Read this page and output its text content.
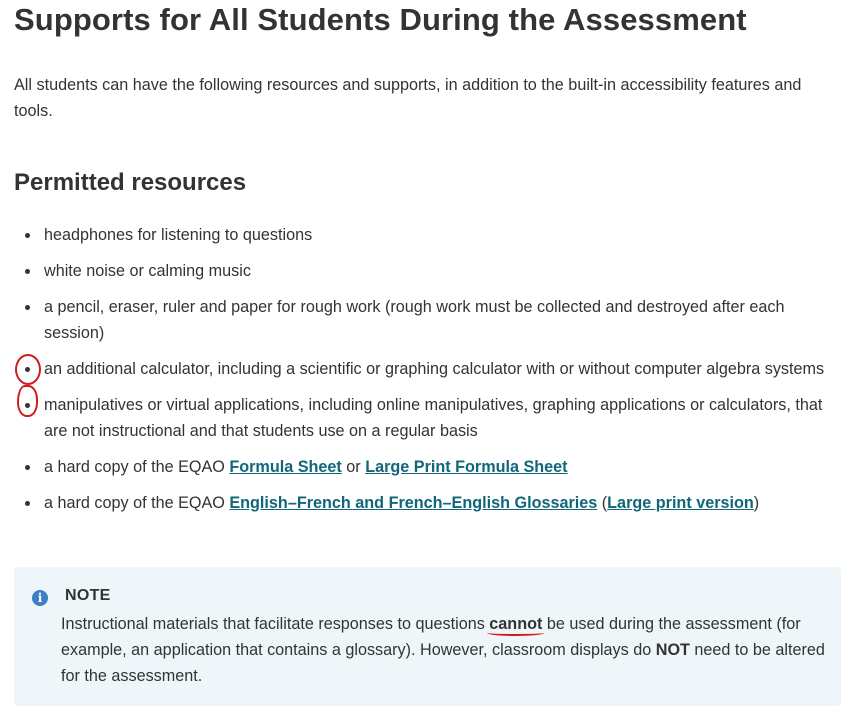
Supports for All Students During the Assessment

All students can have the following resources and supports, in addition to the built-in accessibility features and tools.

Permitted resources
headphones for listening to questions
white noise or calming music
a pencil, eraser, ruler and paper for rough work (rough work must be collected and destroyed after each session)
an additional calculator, including a scientific or graphing calculator with or without computer algebra systems
manipulatives or virtual applications, including online manipulatives, graphing applications or calculators, that are not instructional and that students use on a regular basis
a hard copy of the EQAO Formula Sheet or Large Print Formula Sheet
a hard copy of the EQAO English–French and French–English Glossaries (Large print version)
i	NOTE

Instructional materials that facilitate responses to questions cannot
be used during the assessment (for example, an application that contains a glossary). However, classroom displays do NOT need to be altered for the assessment.
